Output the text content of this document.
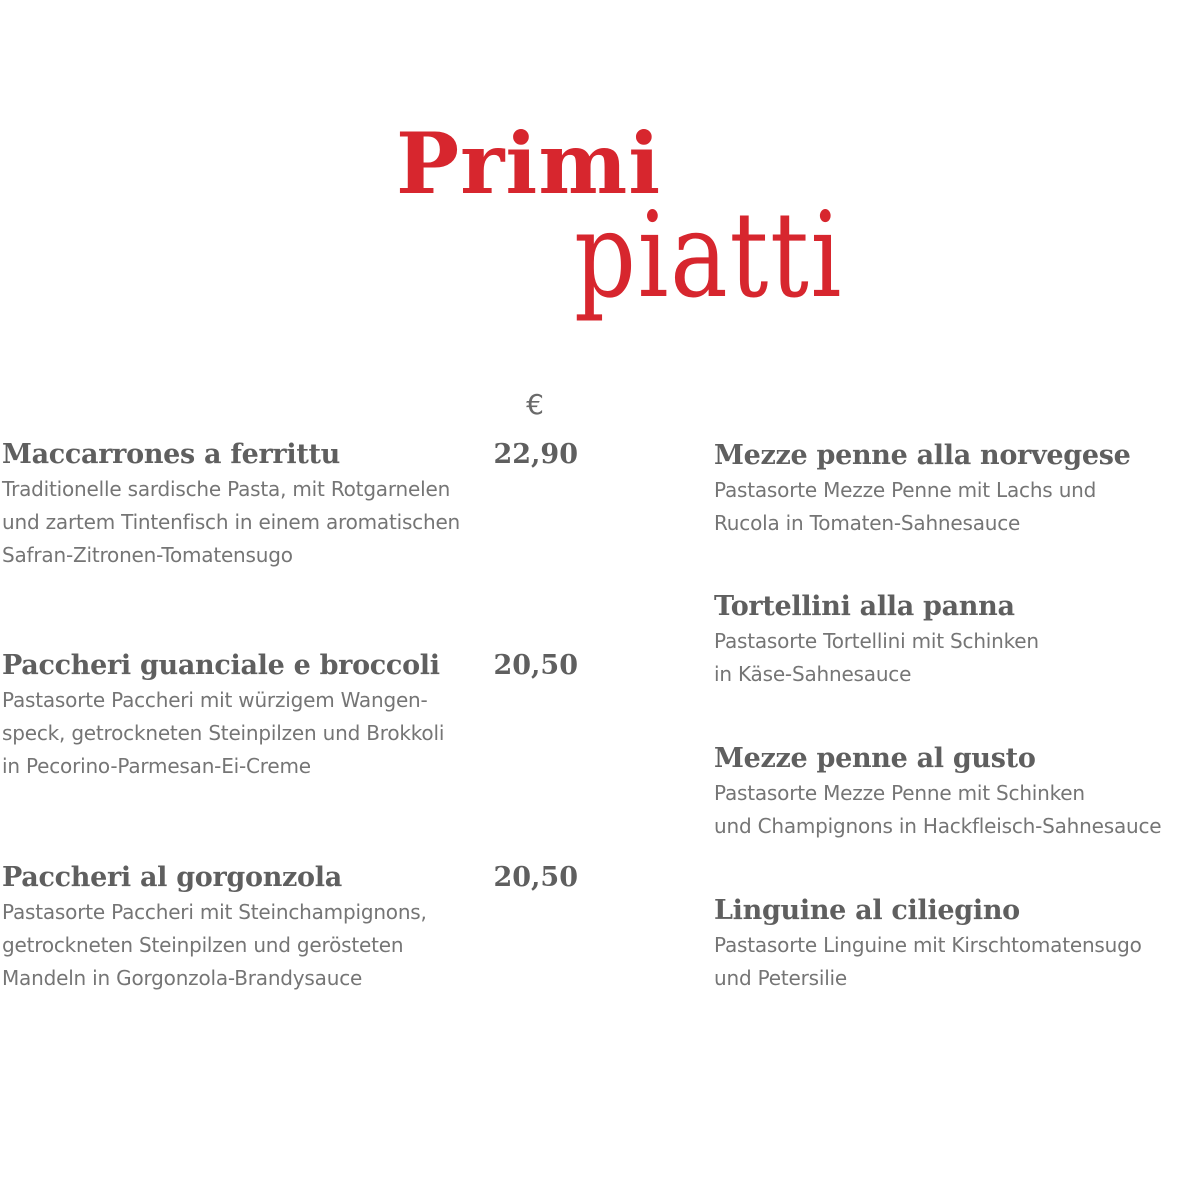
Primi
piatti
€
Maccarrones a ferrittu
Traditionelle sardische Pasta, mit Rotgarnelen
und zartem Tintenfisch in einem aromatischen
Safran-Zitronen-Tomatensugo
22,90
Paccheri guanciale e broccoli
Pastasorte Paccheri mit würzigem Wangen-
speck, getrockneten Steinpilzen und Brokkoli
in Pecorino-Parmesan-Ei-Creme
20,50
Paccheri al gorgonzola
Pastasorte Paccheri mit Steinchampignons,
getrockneten Steinpilzen und gerösteten
Mandeln in Gorgonzola-Brandysauce
20,50
Mezze penne alla norvegese
Pastasorte Mezze Penne mit Lachs und
Rucola in Tomaten-Sahnesauce
Tortellini alla panna
Pastasorte Tortellini mit Schinken
in Käse-Sahnesauce
Mezze penne al gusto
Pastasorte Mezze Penne mit Schinken
und Champignons in Hackfleisch-Sahnesauce
Linguine al ciliegino
Pastasorte Linguine mit Kirschtomatensugo
und Petersilie
